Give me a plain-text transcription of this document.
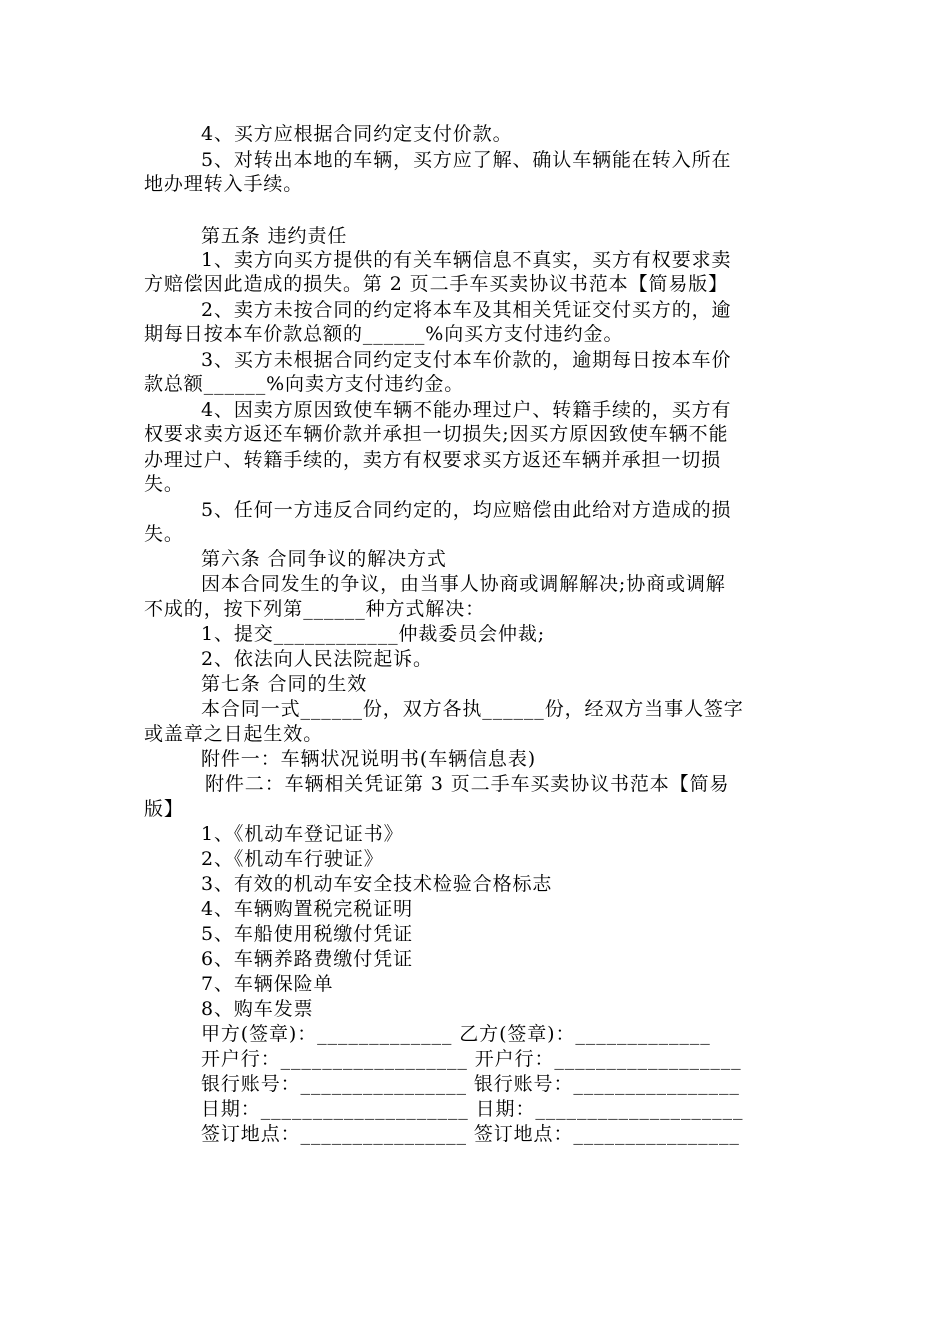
4、买方应根据合同约定支付价款。
5、对转出本地的车辆，买方应了解、确认车辆能在转入所在
地办理转入手续。
第五条 违约责任
1、卖方向买方提供的有关车辆信息不真实，买方有权要求卖
方赔偿因此造成的损失。第 2 页二手车买卖协议书范本【简易版】
2、卖方未按合同的约定将本车及其相关凭证交付买方的，逾
期每日按本车价款总额的______%向买方支付违约金。
3、买方未根据合同约定支付本车价款的，逾期每日按本车价
款总额______%向卖方支付违约金。
4、因卖方原因致使车辆不能办理过户、转籍手续的，买方有
权要求卖方返还车辆价款并承担一切损失;因买方原因致使车辆不能
办理过户、转籍手续的，卖方有权要求买方返还车辆并承担一切损
失。
5、任何一方违反合同约定的，均应赔偿由此给对方造成的损
失。
第六条 合同争议的解决方式
因本合同发生的争议，由当事人协商或调解解决;协商或调解
不成的，按下列第______种方式解决：
1、提交____________仲裁委员会仲裁;
2、依法向人民法院起诉。
第七条 合同的生效
本合同一式______份，双方各执______份，经双方当事人签字
或盖章之日起生效。
附件一：车辆状况说明书(车辆信息表)
附件二：车辆相关凭证第 3 页二手车买卖协议书范本【简易
版】
1、《机动车登记证书》
2、《机动车行驶证》
3、有效的机动车安全技术检验合格标志
4、车辆购置税完税证明
5、车船使用税缴付凭证
6、车辆养路费缴付凭证
7、车辆保险单
8、购车发票
甲方(签章)：_____________ 乙方(签章)：_____________
开户行：__________________ 开户行：__________________
银行账号：________________ 银行账号：________________
日期：____________________ 日期：____________________
签订地点：________________ 签订地点：________________
